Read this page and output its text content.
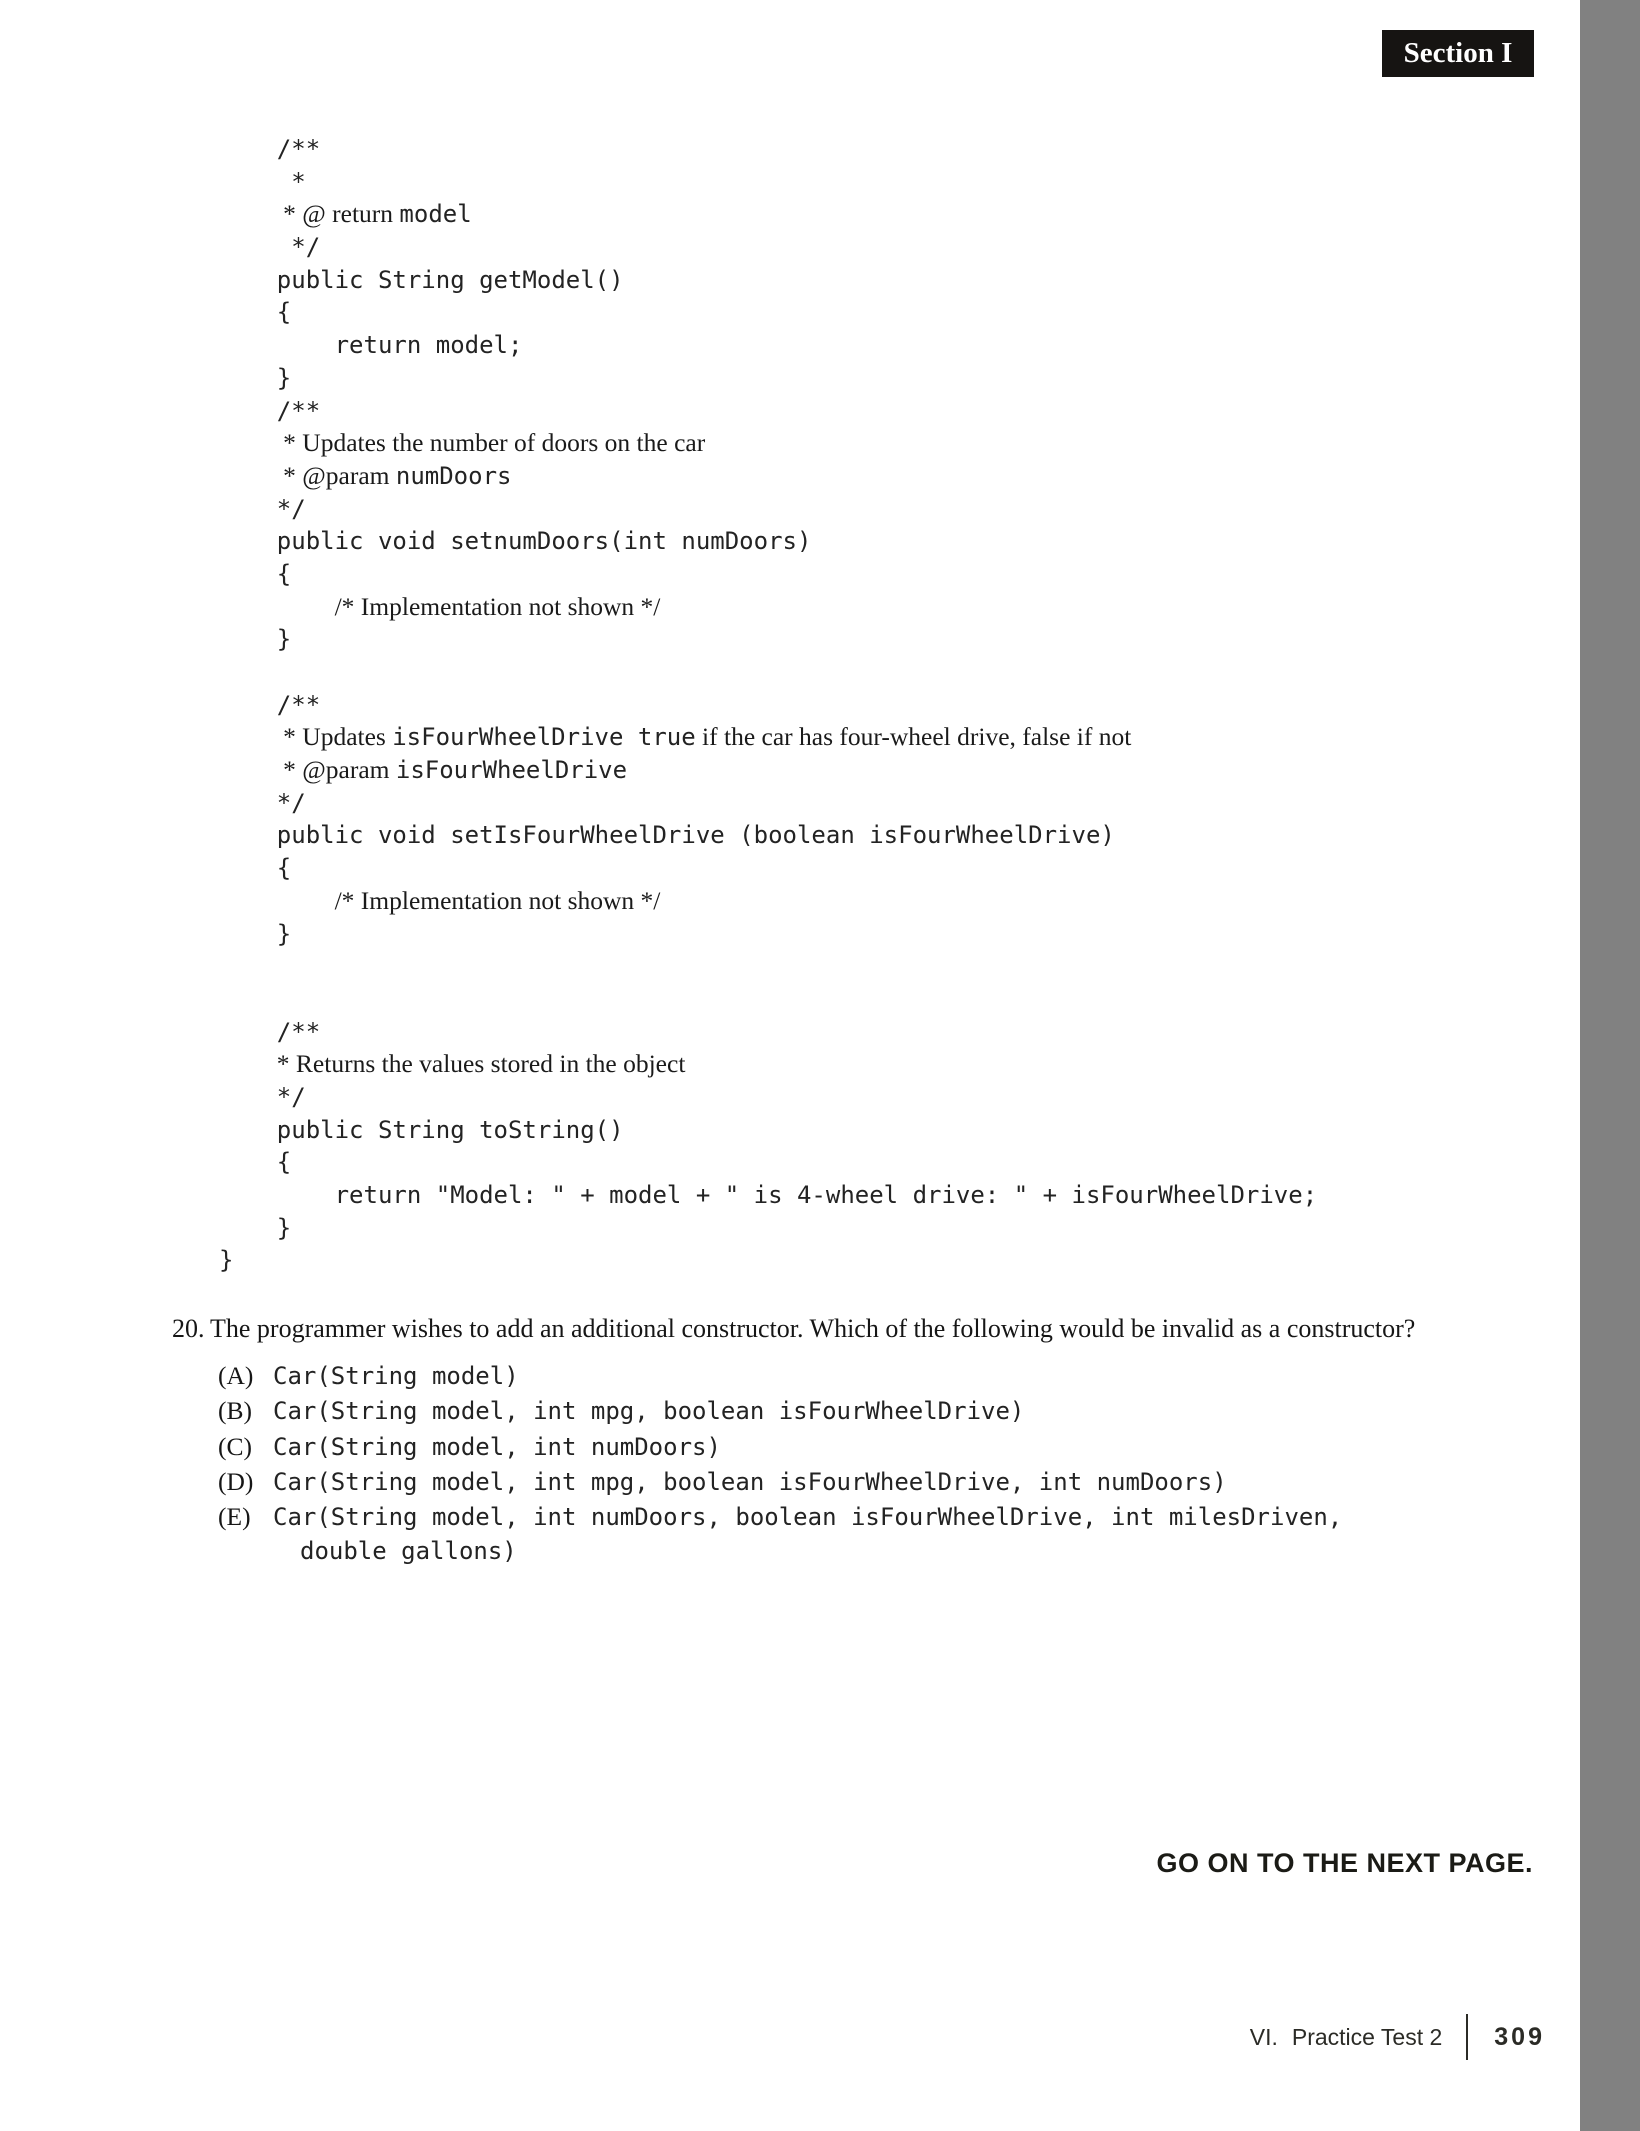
Section I
/**
*
* @ return model
*/
public String getModel()
{
return model;
}
/**
* Updates the number of doors on the car
* @param numDoors
*/
public void setnumDoors(int numDoors)
{
/* Implementation not shown */
}
/**
* Updates isFourWheelDrive true if the car has four-wheel drive, false if not
* @param isFourWheelDrive
*/
public void setIsFourWheelDrive (boolean isFourWheelDrive)
{
/* Implementation not shown */
}
/**
* Returns the values stored in the object
*/
public String toString()
{
return "Model: " + model + " is 4-wheel drive: " + isFourWheelDrive;
}
}
20. The programmer wishes to add an additional constructor. Which of the following would be invalid as a constructor?
(A) Car(String model)
(B) Car(String model, int mpg, boolean isFourWheelDrive)
(C) Car(String model, int numDoors)
(D) Car(String model, int mpg, boolean isFourWheelDrive, int numDoors)
(E) Car(String model, int numDoors, boolean isFourWheelDrive, int milesDriven,
double gallons)
GO ON TO THE NEXT PAGE.
VI. Practice Test 2 309
